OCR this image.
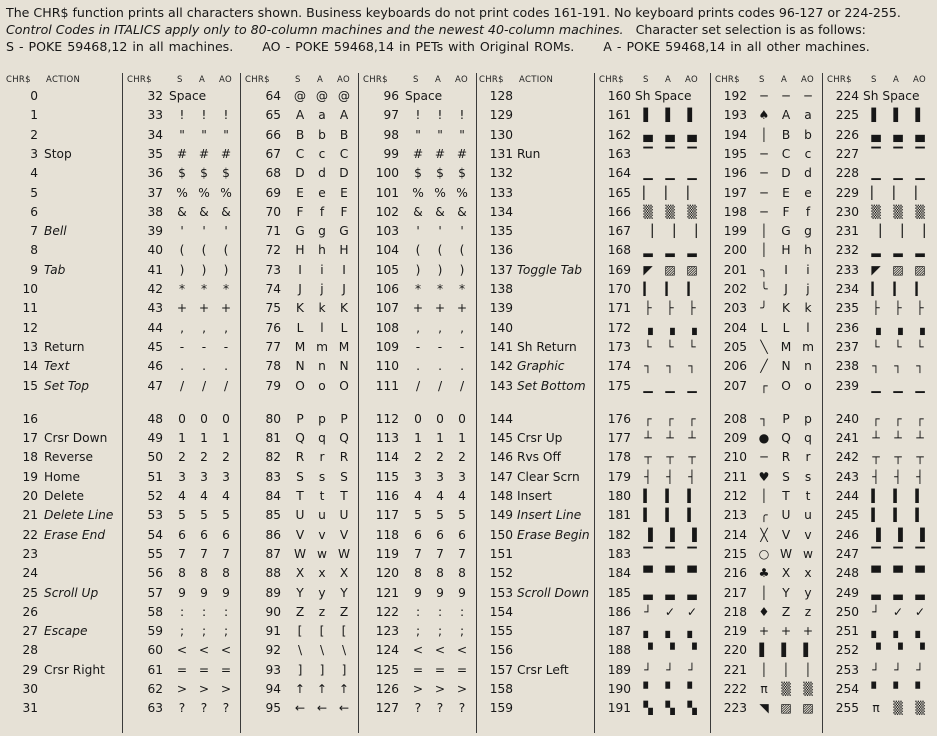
The CHR$ function prints all characters shown. Business keyboards do not print codes 161-191. No keyboard prints codes 96-127 or 224-255.
Control Codes in ITALICS apply only to 80-column machines and the newest 40-column machines. Character set selection is as follows:
S - POKE 59468,12 in all machines. AO - POKE 59468,14 in PETs with Original ROMs. A - POKE 59468,14 in all other machines.
CHR$ ACTION
0
1
2
3 Stop
4
5
6
7 Bell
8
9 Tab
10
11
12
13 Return
14 Text
15 Set Top
16
17 Crsr Down
18 Reverse
19 Home
20 Delete
21 Delete Line
22 Erase End
23
24
25 Scroll Up
26
27 Escape
28
29 Crsr Right
30
31
CHR$	S A AO
32 Space
33	!	!	!
34	"	"	"
35	# # #
36	$	$	$
37	% % %
38	&	&	&
39	'	'	'
40	(	(	(
41	)	)	)
42	*	*	*
43	+ + +
44	,	,	,
45	-	-	-
46	.	.	.
47	/	/	/
48	0	0	0
49	1	1	1
50	2	2	2
51	3	3	3
52	4	4	4
53	5	5	5
54	6	6	6
55	7	7	7
56	8	8	8
57	9	9	9
58	:	:	:
59	;	;	;
60	< < <
61	= = =
62	> > >
63	?	?	?
CHR$	S A AO
64	@ @ @
65	A	a	A
66	B	b	B
67	C	c	C
68	D	d	D
69	E	e	E
70	F	f	F
71	G	g	G
72	H	h	H
73	I	i	I
74	J	j	J
75	K	k	K
76	L	l	L
77	M m M
78	N	n	N
79	O	o	O
80	P	p	P
81	Q	q	Q
82	R	r	R
83	S	s	S
84	T	t	T
85	U	u	U
86	V	v	V
87	W w W
88	X	x	X
89	Y	y	Y
90	Z	z	Z
91	[	[	[
92	\	\	\
93	]	]	]
94	↑ ↑ ↑
95	← ← ←
CHR$	S A AO
96 Space
97	!	!	!
98	"	"	"
99	# # #
100	$	$	$
101	% % %
102	&	&	&
103	'	'	'
104	(	(	(
105	)	)	)
106	*	*	*
107	+ + +
108	,	,	,
109	-	-	-
110	.	.	.
111	/	/	/
112	0	0	0
113	1	1	1
114	2	2	2
115	3	3	3
116	4	4	4
117	5	5	5
118	6	6	6
119	7	7	7
120	8	8	8
121	9	9	9
122	:	:	:
123	;	;	;
124	< < <
125	= = =
126	> > >
127	?	?	?
CHR$ ACTION
128
129
130
131 Run
132
133
134
135
136
137 Toggle Tab
138
139
140
141 Sh Return
142 Graphic
143 Set Bottom
144
145 Crsr Up
146 Rvs Off
147 Clear Scrn
148 Insert
149 Insert Line
150 Erase Begin
151
152
153 Scroll Down
154
155
156
157 Crsr Left
158
159
CHR$ S A AO
160 Sh Space
161	▌	▌	▌
162	▄	▄	▄
163	▔	▔	▔
164	▁	▁	▁
165	▏	▏	▏
166	▒	▒	▒
167	▕	▕	▕
168	▂	▂	▂
169	◤ ▨ ▨
170	▎	▎	▎
171	├	├	├
172	▗	▗	▗
173	└	└	└
174	┐	┐	┐
175	▁	▁	▁
176	┌	┌	┌
177	┴	┴	┴
178	┬	┬	┬
179	┤	┤	┤
180	▍	▍	▍
181	▍	▍	▍
182	▐	▐	▐
183	▔	▔	▔
184	▀	▀	▀
185	▃	▃	▃
186	┘	✓ ✓
187	▖	▖	▖
188	▝	▝	▝
189	┘	┘	┘
190	▘	▘	▘
191	▚	▚	▚
CHR$ S A AO
192	─	─	─
193 ♠	A	a
194	│	B	b
195	─	C	c
196	─	D	d
197	─	E	e
198	─	F	f
199	│	G	g
200	│	H	h
201	╮	I	i
202	╰	J	j
203	╯	K	k
204	L	L	l
205	╲	M m
206	╱	N	n
207	┌	O	o
208	┐	P	p
209 ● Q	q
210	─	R	r
211 ♥	S	s
212	│	T	t
213	╭	U	u
214	╳	V	v
215 ○ W w
216 ♣	X	x
217	│	Y	y
218 ♦	Z	z
219 + + +
220	▌	▌	▌
221	│	│	│
222	π	▒	▒
223	◥ ▨ ▨
CHR$ S A AO
224 Sh Space
225	▌	▌	▌
226	▄	▄	▄
227	▔	▔	▔
228	▁	▁	▁
229	▏	▏	▏
230	▒	▒	▒
231	▕	▕	▕
232	▂	▂	▂
233	◤ ▨ ▨
234	▎	▎	▎
235	├	├	├
236	▗	▗	▗
237	└	└	└
238	┐	┐	┐
239	▁	▁	▁
240	┌	┌	┌
241	┴	┴	┴
242	┬	┬	┬
243	┤	┤	┤
244	▍	▍	▍
245	▍	▍	▍
246	▐	▐	▐
247	▔	▔	▔
248	▀	▀	▀
249	▃	▃	▃
250	┘	✓ ✓
251	▖	▖	▖
252	▝	▝	▝
253	┘	┘	┘
254	▘	▘	▘
255	π	▒	▒
